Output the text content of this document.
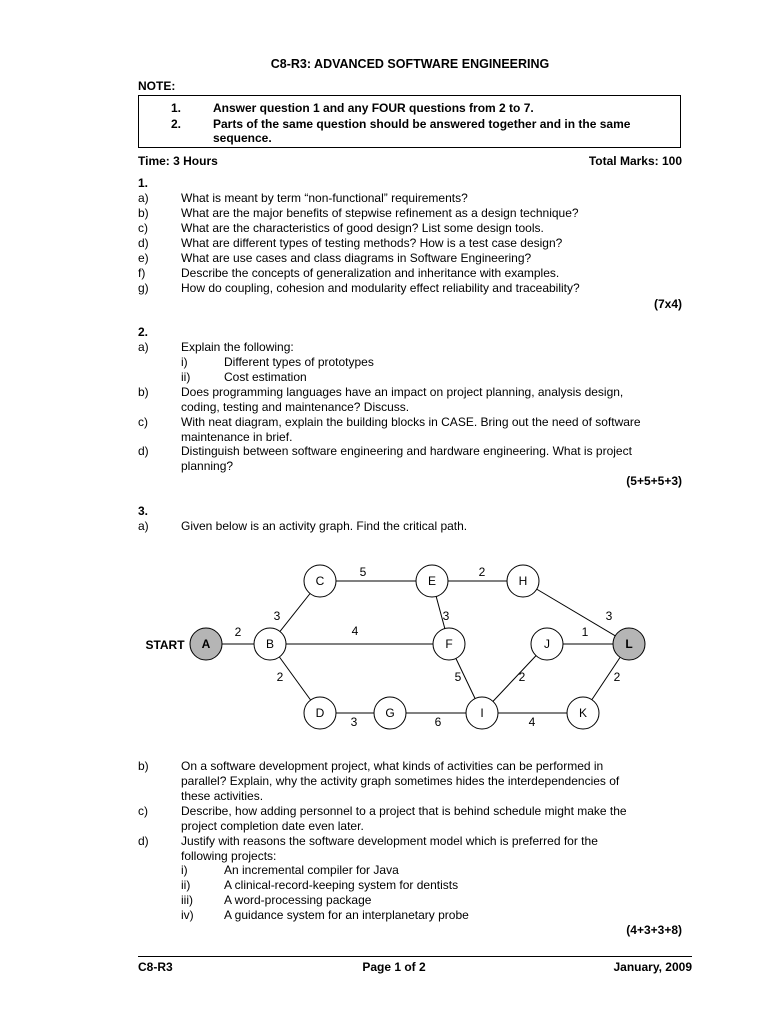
C8-R3: ADVANCED SOFTWARE ENGINEERING
NOTE:
1.	Answer question 1 and any FOUR questions from 2 to 7.
2.	Parts of the same question should be answered together and in the same
sequence.
Time: 3 Hours	Total Marks: 100
1.
a)	What is meant by term “non-functional” requirements?
b)	What are the major benefits of stepwise refinement as a design technique?
c)	What are the characteristics of good design? List some design tools.
d)	What are different types of testing methods? How is a test case design?
e)	What are use cases and class diagrams in Software Engineering?
f)	Describe the concepts of generalization and inheritance with examples.
g)	How do coupling, cohesion and modularity effect reliability and traceability?
(7x4)
2.
a)	Explain the following:
i)	Different types of prototypes
ii)	Cost estimation
b)	Does programming languages have an impact on project planning, analysis design,
coding, testing and maintenance? Discuss.
c)	With neat diagram, explain the building blocks in CASE. Bring out the need of software
maintenance in brief.
d)	Distinguish between software engineering and hardware engineering. What is project
planning?
(5+5+5+3)
3.
a)	Given below is an activity graph. Find the critical path.
START A	B
C
D
E
F
G
H
I
J
K
L
2
3
4
2
5	2
3	3
1
5	2
3	6	4
2
b)	On a software development project, what kinds of activities can be performed in
parallel? Explain, why the activity graph sometimes hides the interdependencies of
these activities.
c)	Describe, how adding personnel to a project that is behind schedule might make the
project completion date even later.
d)	Justify with reasons the software development model which is preferred for the
following projects:
i)	An incremental compiler for Java
ii)	A clinical-record-keeping system for dentists
iii)	A word-processing package
iv)	A guidance system for an interplanetary probe
(4+3+3+8)
C8-R3	Page 1 of 2	January, 2009
